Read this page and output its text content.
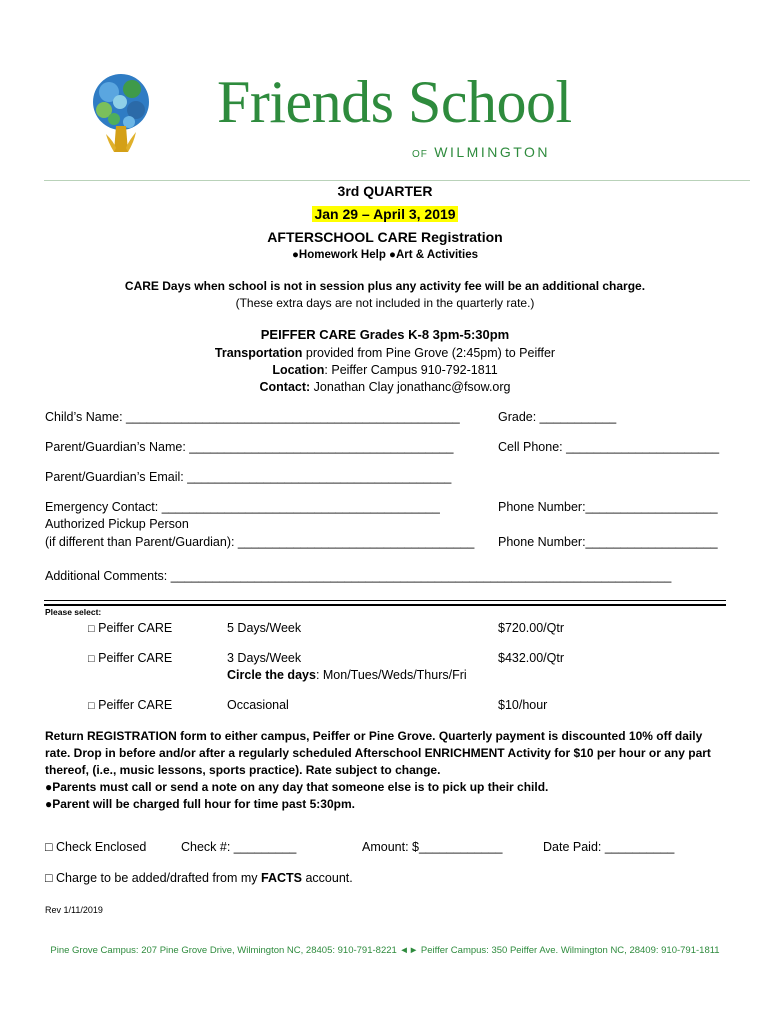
Friends School
OF WILMINGTON
3rd QUARTER
Jan 29 – April 3, 2019
AFTERSCHOOL CARE Registration
●Homework Help ●Art & Activities
CARE Days when school is not in session plus any activity fee will be an additional charge.
(These extra days are not included in the quarterly rate.)
PEIFFER CARE Grades K-8 3pm-5:30pm
Transportation provided from Pine Grove (2:45pm) to Peiffer
Location: Peiffer Campus 910-792-1811
Contact: Jonathan Clay jonathanc@fsow.org
Child’s Name: ________________________________________________	Grade: ___________
Parent/Guardian’s Name: ______________________________________	Cell Phone: ______________________
Parent/Guardian’s Email: ______________________________________
Emergency Contact: ________________________________________	Phone Number:___________________
Authorized Pickup Person
(if different than Parent/Guardian): __________________________________ Phone Number:___________________
Additional Comments: ________________________________________________________________________
Please select:
□ Peiffer CARE	5 Days/Week	$720.00/Qtr
□ Peiffer CARE	3 Days/Week	$432.00/Qtr
Circle the days: Mon/Tues/Weds/Thurs/Fri
□ Peiffer CARE	Occasional	$10/hour
Return REGISTRATION form to either campus, Peiffer or Pine Grove. Quarterly payment is discounted 10% off daily
rate. Drop in before and/or after a regularly scheduled Afterschool ENRICHMENT Activity for $10 per hour or any part
thereof, (i.e., music lessons, sports practice). Rate subject to change.
●Parents must call or send a note on any day that someone else is to pick up their child.
●Parent will be charged full hour for time past 5:30pm.
□ Check Enclosed	Check #: _________	Amount: $____________	Date Paid: __________
□ Charge to be added/drafted from my FACTS account.
Rev 1/11/2019
Pine Grove Campus: 207 Pine Grove Drive, Wilmington NC, 28405: 910-791-8221 ◄► Peiffer Campus: 350 Peiffer Ave. Wilmington NC, 28409: 910-791-1811
